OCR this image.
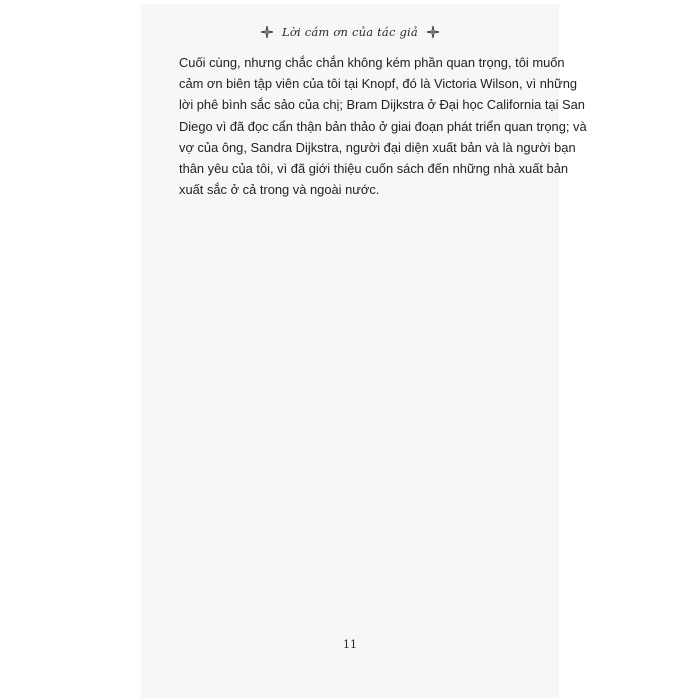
Lời cám ơn của tác giả

Cuối cùng, nhưng chắc chắn không kém phần quan trọng, tôi muốn
cảm ơn biên tập viên của tôi tại Knopf, đó là Victoria Wilson, vì những
lời phê bình sắc sảo của chị; Bram Dijkstra ở Đại học California tại San
Diego vì đã đọc cẩn thận bản thảo ở giai đoạn phát triển quan trọng; và
vợ của ông, Sandra Dijkstra, người đại diện xuất bản và là người bạn
thân yêu của tôi, vì đã giới thiệu cuốn sách đến những nhà xuất bản
xuất sắc ở cả trong và ngoài nước.

11
